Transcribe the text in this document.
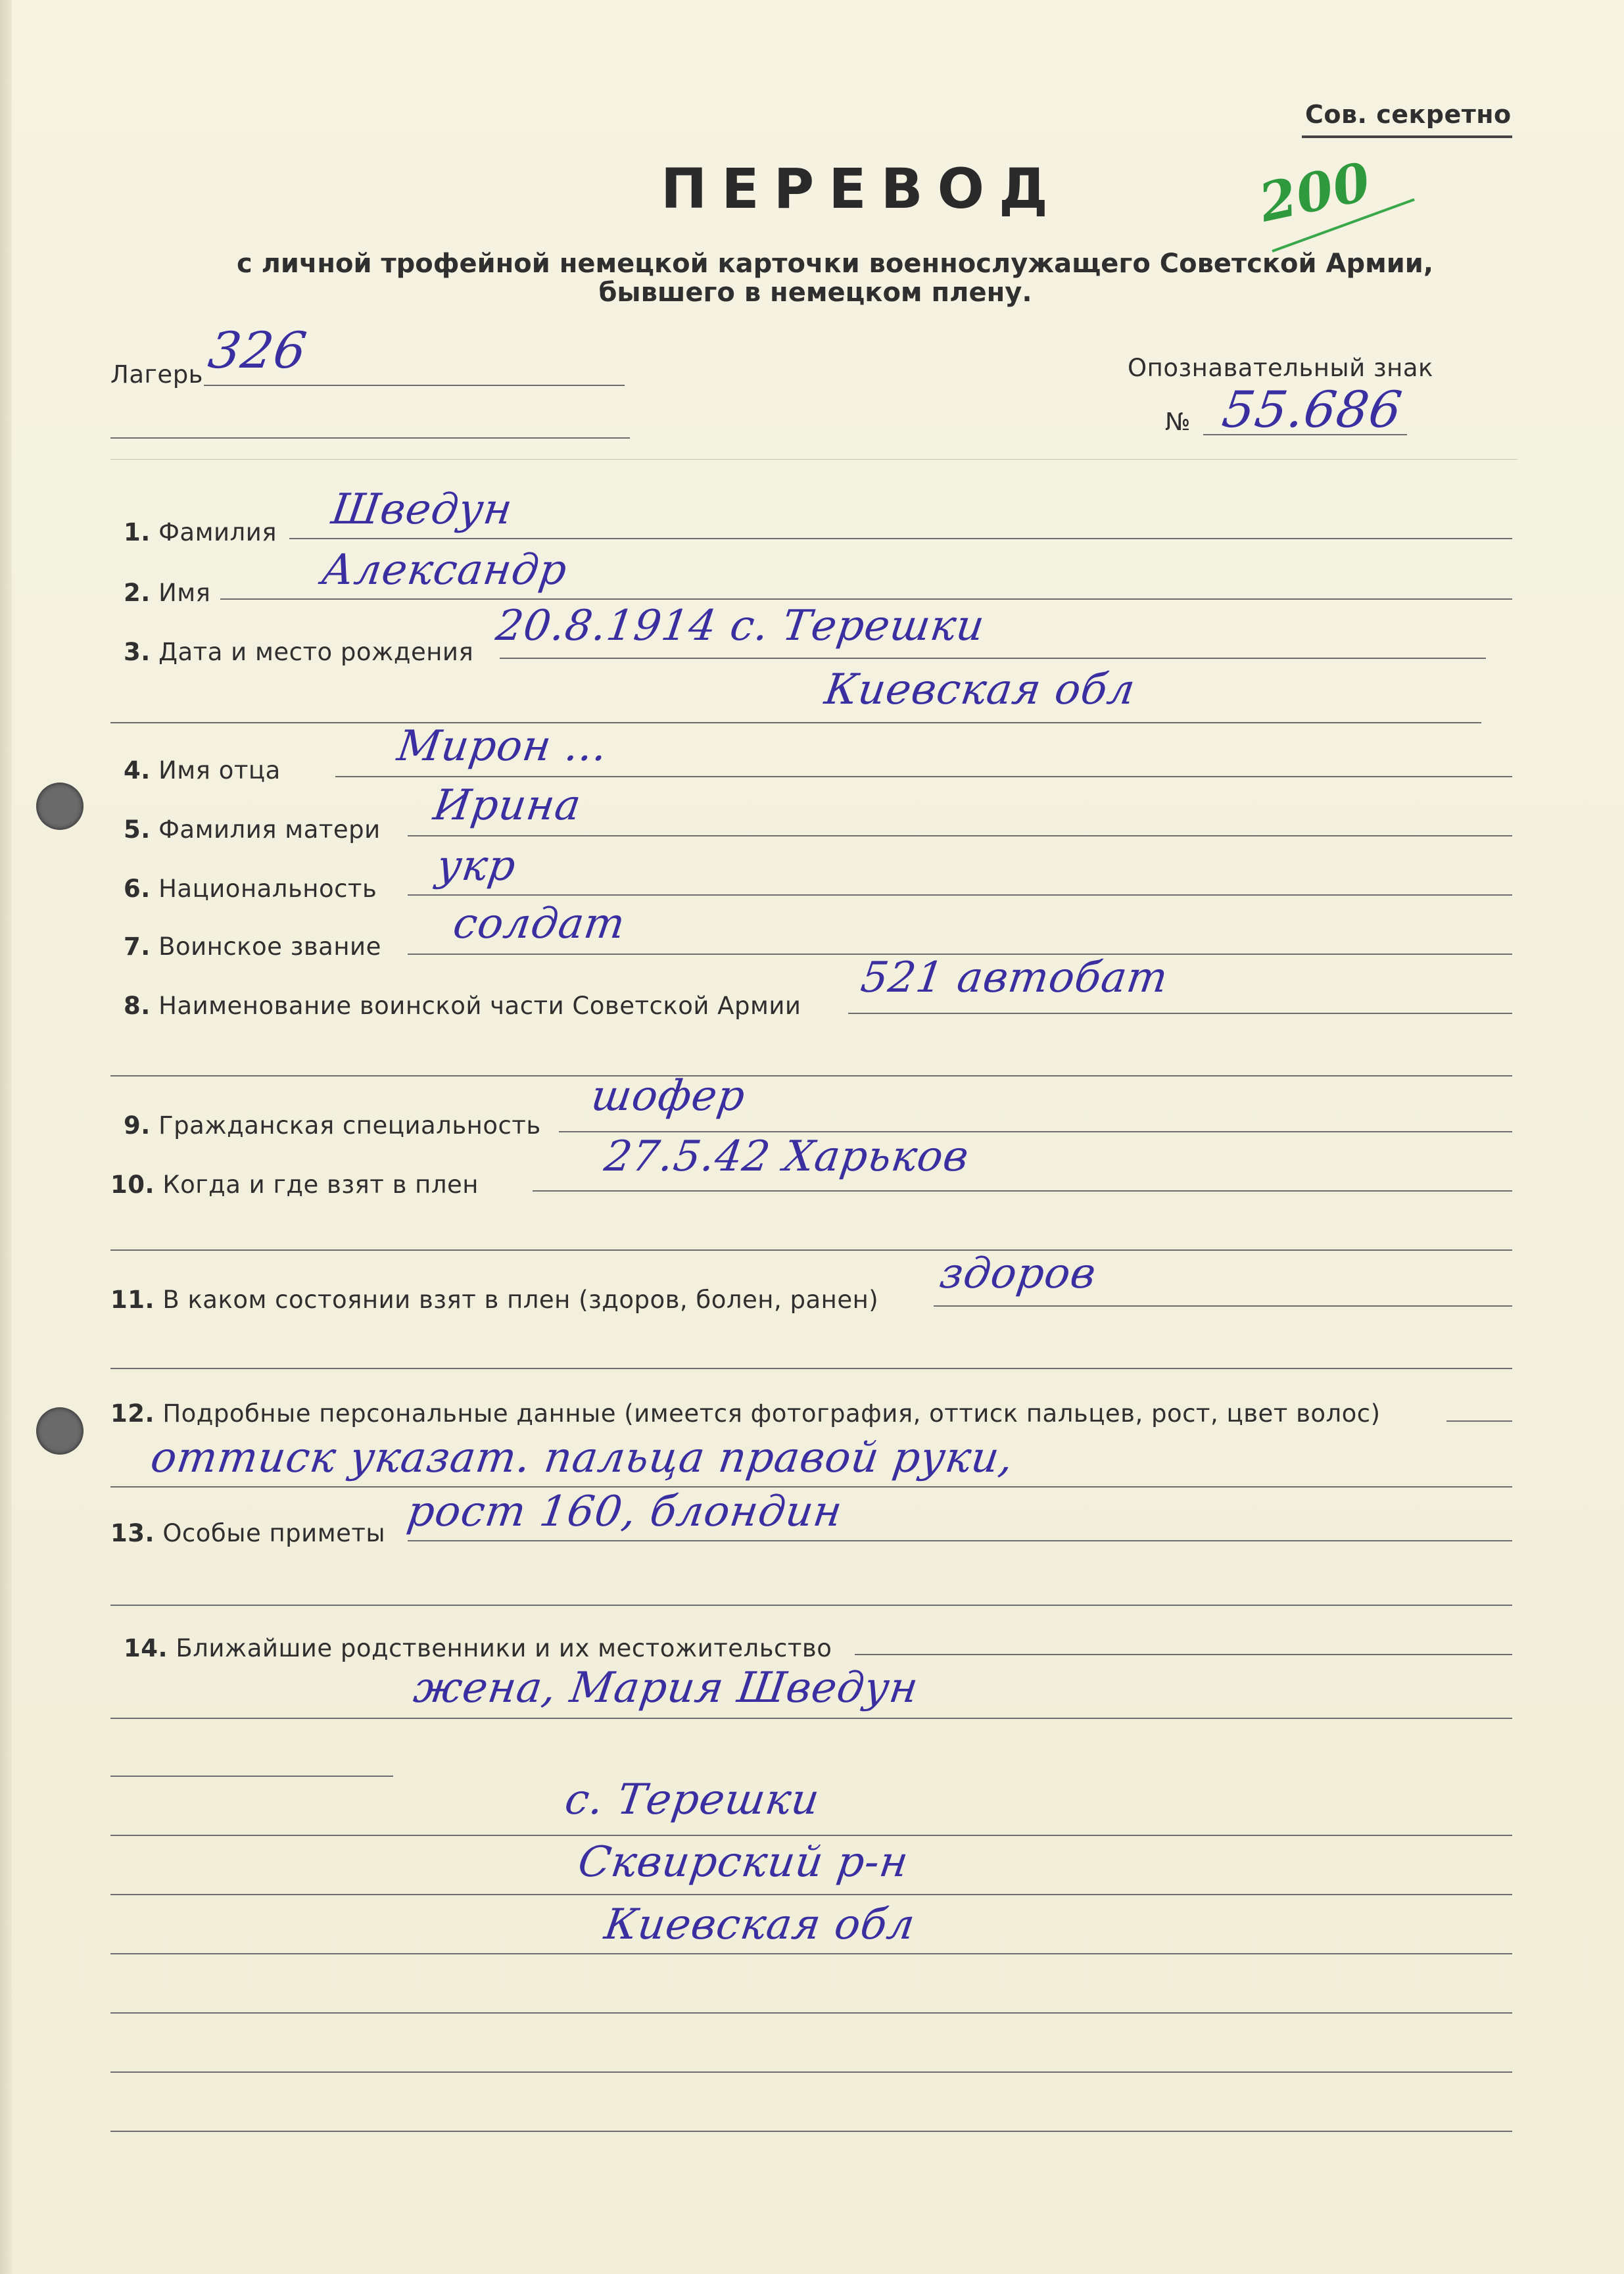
Сов. секретно
ПЕРЕВОД	200
с личной трофейной немецкой карточки военнослужащего Советской Армии,
бывшего в немецком плену.
Лагерь 326	Опознавательный знак
№ 55.686
1. Фамилия Шведун
2. Имя	Александр
3. Дата и место рождения
20.8.1914 с. Терешки
Киевская обл
4. Имя отца	Мирон ...
5. Фамилия матери Ирина
6. Национальность укр
7. Воинское звание солдат
8. Наименование воинской части Советской Армии
521 автобат
9. Гражданская специальность
шофер
10. Когда и где взят в плен
27.5.42 Харьков
11. В каком состоянии взят в плен (здоров, болен, ранен)
здоров
12. Подробные персональные данные (имеется фотография, оттиск пальцев, рост, цвет волос)
оттиск указат. пальца правой руки,
13. Особые приметы рост 160, блондин
14. Ближайшие родственники и их местожительство
жена, Мария Шведун
с. Терешки
Сквирский р-н
Киевская обл
